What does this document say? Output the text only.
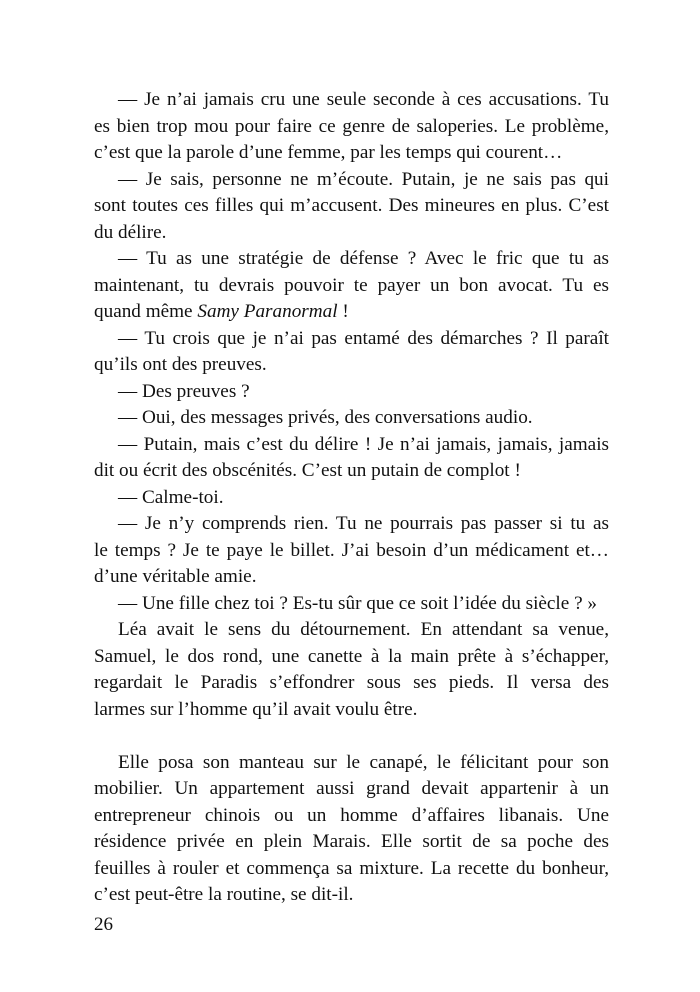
— Je n’ai jamais cru une seule seconde à ces accusations. Tu
es bien trop mou pour faire ce genre de saloperies. Le problème,
c’est que la parole d’une femme, par les temps qui courent…
— Je sais, personne ne m’écoute. Putain, je ne sais pas qui
sont toutes ces filles qui m’accusent. Des mineures en plus. C’est
du délire.
— Tu as une stratégie de défense ? Avec le fric que tu as
maintenant, tu devrais pouvoir te payer un bon avocat. Tu es
quand même Samy Paranormal !
— Tu crois que je n’ai pas entamé des démarches ? Il paraît
qu’ils ont des preuves.
— Des preuves ?
— Oui, des messages privés, des conversations audio.
— Putain, mais c’est du délire ! Je n’ai jamais, jamais, jamais
dit ou écrit des obscénités. C’est un putain de complot !
— Calme-toi.
— Je n’y comprends rien. Tu ne pourrais pas passer si tu as
le temps ? Je te paye le billet. J’ai besoin d’un médicament et…
d’une véritable amie.
— Une fille chez toi ? Es-tu sûr que ce soit l’idée du siècle ? »
Léa avait le sens du détournement. En attendant sa venue,
Samuel, le dos rond, une canette à la main prête à s’échapper,
regardait le Paradis s’effondrer sous ses pieds. Il versa des
larmes sur l’homme qu’il avait voulu être.
Elle posa son manteau sur le canapé, le félicitant pour son
mobilier. Un appartement aussi grand devait appartenir à un
entrepreneur chinois ou un homme d’affaires libanais. Une
résidence privée en plein Marais. Elle sortit de sa poche des
feuilles à rouler et commença sa mixture. La recette du bonheur,
c’est peut-être la routine, se dit-il.
26
